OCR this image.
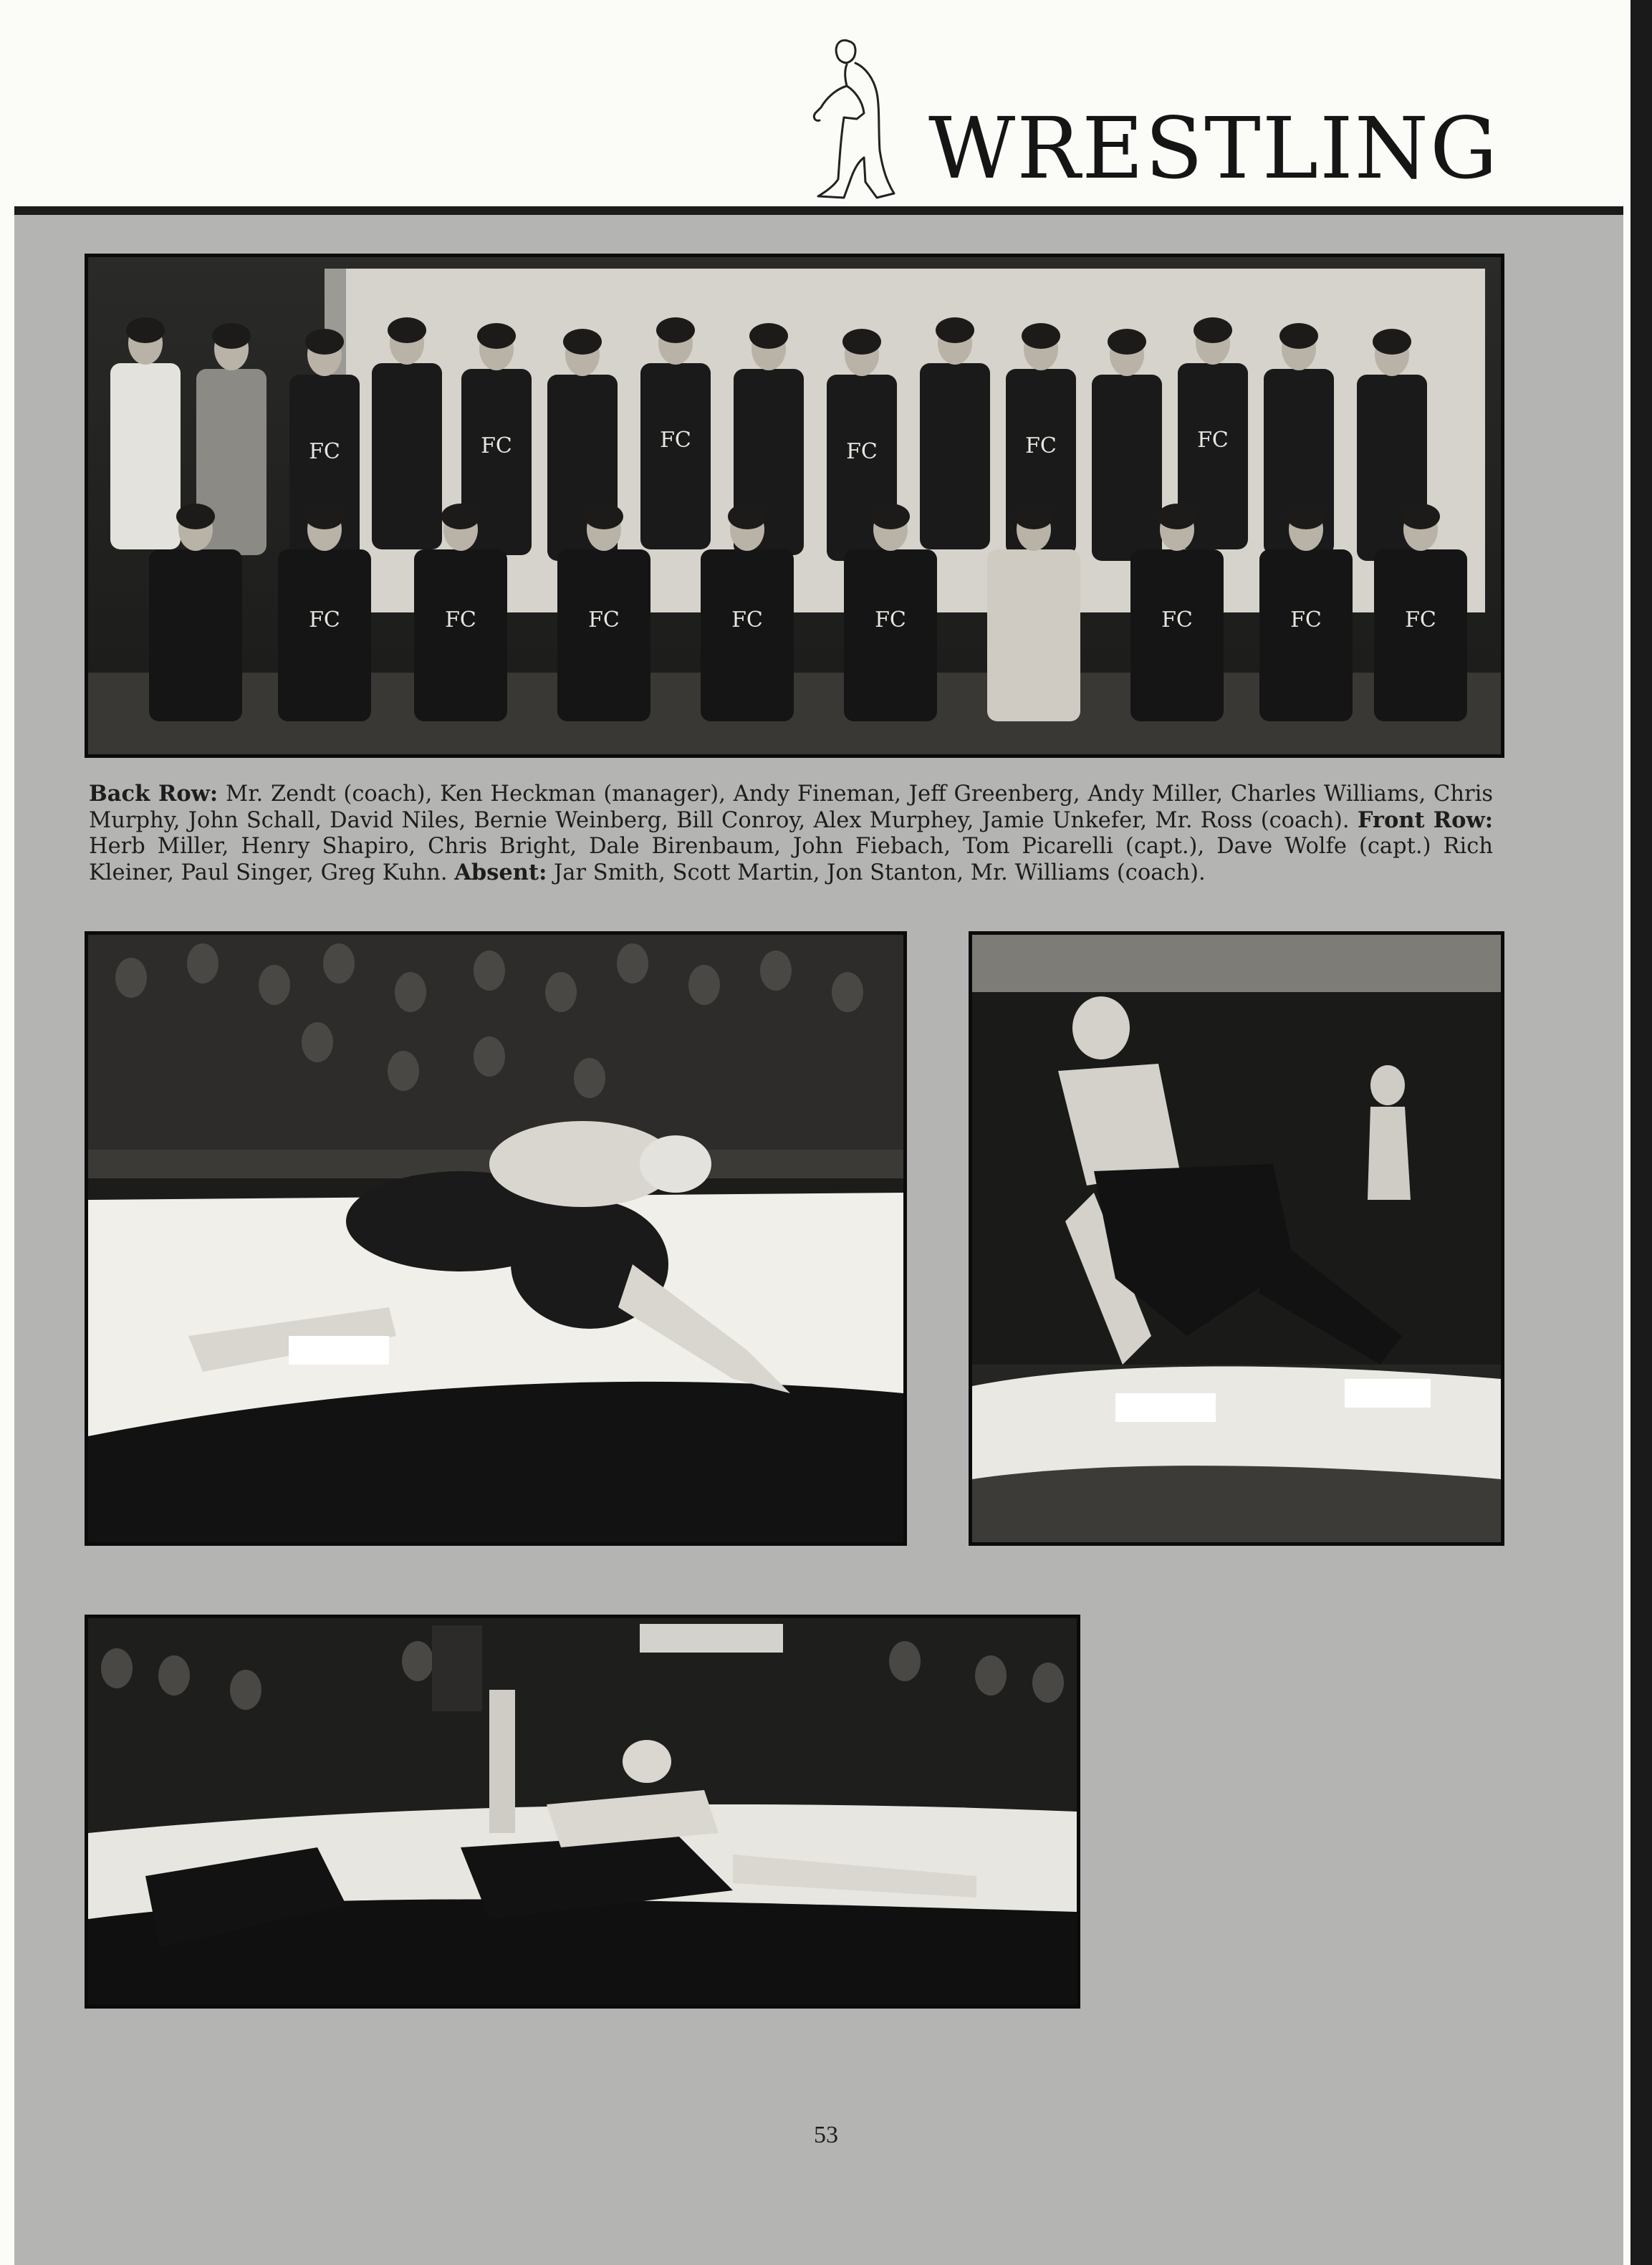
WRESTLING
FC	FC	FC	FC	FC	FC
FC	FC	FC	FC	FC	FC	FC	FC

Back Row: Mr. Zendt (coach), Ken Heckman (manager), Andy Fineman, Jeff Greenberg, Andy Miller, Charles Williams, Chris Murphy, John Schall, David Niles, Bernie Weinberg, Bill Conroy, Alex Murphey, Jamie Unkefer, Mr. Ross (coach). Front Row: Herb Miller, Henry Shapiro, Chris Bright, Dale Birenbaum, John Fiebach, Tom Picarelli (capt.), Dave Wolfe (capt.) Rich Kleiner, Paul Singer, Greg Kuhn. Absent: Jar Smith, Scott Martin, Jon Stanton, Mr. Williams (coach).

53
